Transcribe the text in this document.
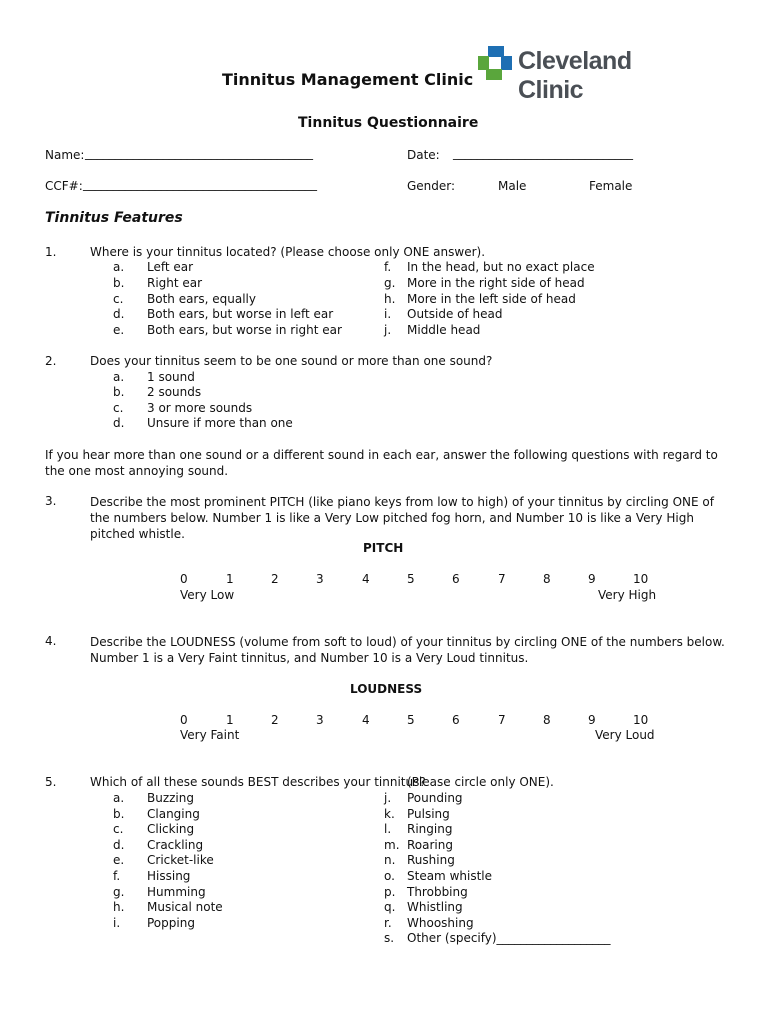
Tinnitus Management Clinic
Cleveland Clinic
Tinnitus Questionnaire
Name: ______________________________________	Date: ______________________________
CCF#: _______________________________________	Gender:	Male	Female
Tinnitus Features
1.	Where is your tinnitus located? (Please choose only ONE answer).
a. Left ear
b. Right ear
c. Both ears, equally
d. Both ears, but worse in left ear
e. Both ears, but worse in right ear
f. In the head, but no exact place
g. More in the right side of head
h. More in the left side of head
i. Outside of head
j. Middle head
2.	Does your tinnitus seem to be one sound or more than one sound?
a. 1 sound
b. 2 sounds
c. 3 or more sounds
d. Unsure if more than one
If you hear more than one sound or a different sound in each ear, answer the following questions with regard to the one most annoying sound.
3.	Describe the most prominent PITCH (like piano keys from low to high) of your tinnitus by circling ONE of the numbers below. Number 1 is like a Very Low pitched fog horn, and Number 10 is like a Very High pitched whistle.
PITCH
0	1	2	3	4	5	6	7	8	9	10
Very Low	Very High
4.	Describe the LOUDNESS (volume from soft to loud) of your tinnitus by circling ONE of the numbers below. Number 1 is a Very Faint tinnitus, and Number 10 is a Very Loud tinnitus.
LOUDNESS
0	1	2	3	4	5	6	7	8	9	10
Very Faint	Very Loud
5.	Which of all these sounds BEST describes your tinnitus?
(Please circle only ONE).
a. Buzzing
b. Clanging
c. Clicking
d. Crackling
e. Cricket-like
f. Hissing
g. Humming
h. Musical note
i. Popping
j. Pounding
k. Pulsing
l. Ringing
m. Roaring
n. Rushing
o. Steam whistle
p. Throbbing
q. Whistling
r. Whooshing
s. Other (specify)___________________
